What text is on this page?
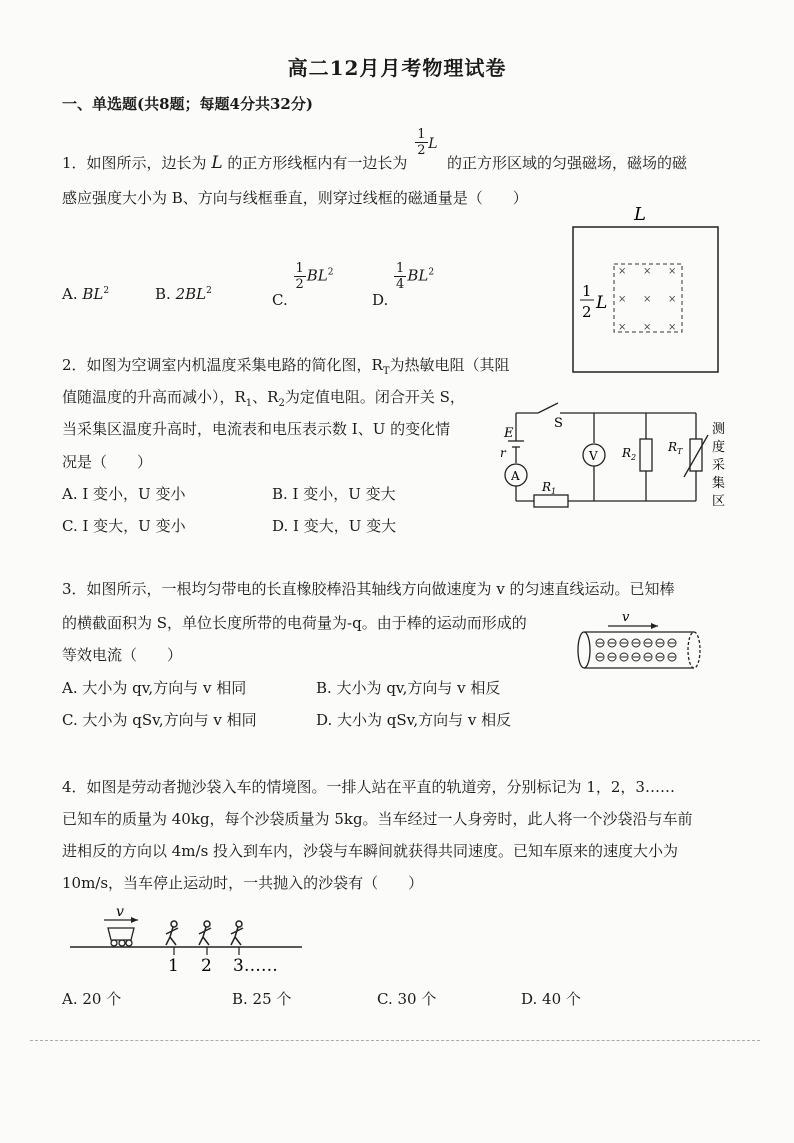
高二12月月考物理试卷
一、单选题(共8题；每题4分共32分)
1．如图所示，边长为 L 的正方形线框内有一边长为
$\frac{1}{2}$ L
的正方形区域的匀强磁场，磁场的磁
感应强度大小为 B、方向与线框垂直，则穿过线框的磁通量是（　　）
A. $BL^2$	B. $2BL^2$	C.
$\frac{1}{2} BL^2$
D.
$\frac{1}{4} BL^2$
L
× × ×
× × ×
× × ×
1
2 L
2．如图为空调室内机温度采集电路的简化图，$R_T$为热敏电阻（其阻
值随温度的升高而减小），$R_1$、$R_2$为定值电阻。闭合开关 S，
当采集区温度升高时，电流表和电压表示数 I、U 的变化情
况是（　　）
A. I 变小，U 变小	B. I 变小，U 变大
C. I 变大，U 变小	D. I 变大，U 变大
S
E
r
A
V
$R_1$
$R_2$
$R_T$
测
度
采
集
区
3．如图所示，一根均匀带电的长直橡胶棒沿其轴线方向做速度为 v 的匀速直线运动。已知棒
的横截面积为 S，单位长度所带的电荷量为-q。由于棒的运动而形成的
等效电流（　　）
A. 大小为 qv,方向与 v 相同	B. 大小为 qv,方向与 v 相反
C. 大小为 qSv,方向与 v 相同	D. 大小为 qSv,方向与 v 相反
v
4．如图是劳动者抛沙袋入车的情境图。一排人站在平直的轨道旁，分别标记为 1，2，3……
已知车的质量为 40kg，每个沙袋质量为 5kg。当车经过一人身旁时，此人将一个沙袋沿与车前
进相反的方向以 4m/s 投入到车内，沙袋与车瞬间就获得共同速度。已知车原来的速度大小为
10m/s，当车停止运动时，一共抛入的沙袋有（　　）
v
1 2 3……
A. 20 个	B. 25 个	C. 30 个	D. 40 个
